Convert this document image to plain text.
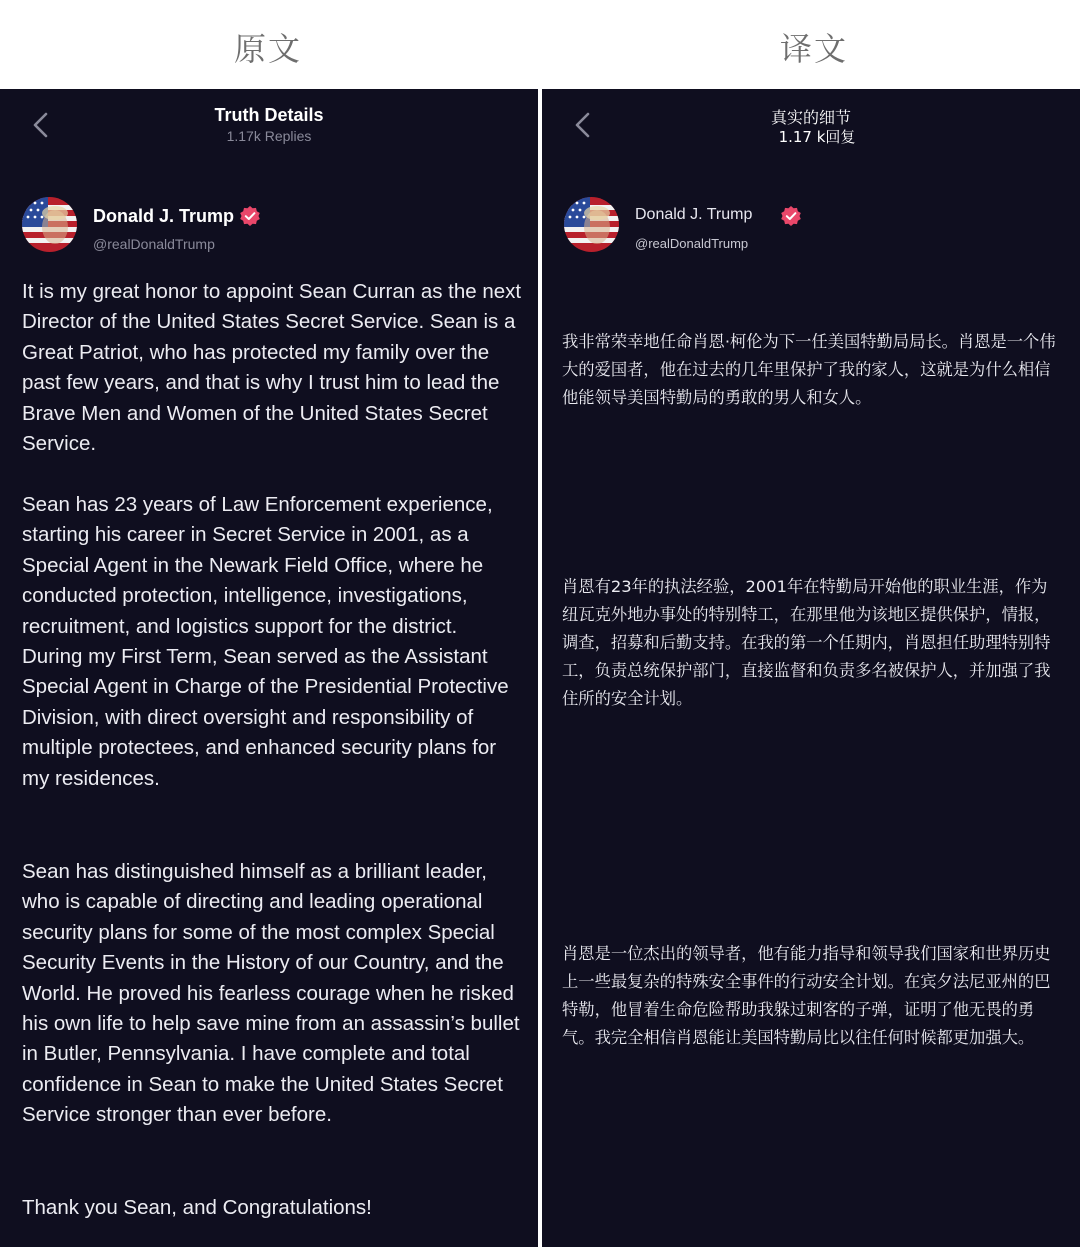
原文	译文
Truth Details
1.17k Replies
Donald J. Trump
@realDonaldTrump
It is my great honor to appoint Sean Curran as the next Director of the United States Secret Service. Sean is a Great Patriot, who has protected my family over the past few years, and that is why I trust him to lead the Brave Men and Women of the United States Secret Service.
Sean has 23 years of Law Enforcement experience, starting his career in Secret Service in 2001, as a Special Agent in the Newark Field Office, where he conducted protection, intelligence, investigations, recruitment, and logistics support for the district. During my First Term, Sean served as the Assistant Special Agent in Charge of the Presidential Protective Division, with direct oversight and responsibility of multiple protectees, and enhanced security plans for my residences.
Sean has distinguished himself as a brilliant leader, who is capable of directing and leading operational security plans for some of the most complex Special Security Events in the History of our Country, and the World. He proved his fearless courage when he risked his own life to help save mine from an assassin’s bullet in Butler, Pennsylvania. I have complete and total confidence in Sean to make the United States Secret Service stronger than ever before.
Thank you Sean, and Congratulations!
真实的细节
1.17 k回复
Donald J. Trump
@realDonaldTrump
我非常荣幸地任命肖恩·柯伦为下一任美国特勤局局长。肖恩是一个伟大的爱国者，他在过去的几年里保护了我的家人，这就是为什么相信他能领导美国特勤局的勇敢的男人和女人。
肖恩有23年的执法经验，2001年在特勤局开始他的职业生涯，作为纽瓦克外地办事处的特别特工，在那里他为该地区提供保护，情报，调查，招募和后勤支持。在我的第一个任期内，肖恩担任助理特别特工，负责总统保护部门，直接监督和负责多名被保护人，并加强了我住所的安全计划。
肖恩是一位杰出的领导者，他有能力指导和领导我们国家和世界历史上一些最复杂的特殊安全事件的行动安全计划。在宾夕法尼亚州的巴特勒，他冒着生命危险帮助我躲过刺客的子弹，证明了他无畏的勇气。我完全相信肖恩能让美国特勤局比以往任何时候都更加强大。
